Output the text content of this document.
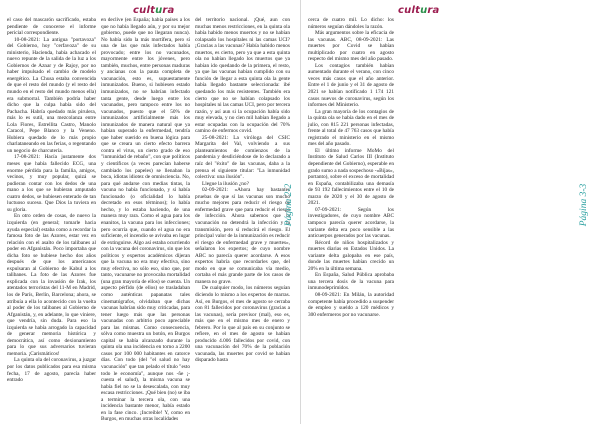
cultura

el caso del mascarón sacrificado, estaba pendiente de conocerse el informe pericial correspondiente.

10-08-2021: La antigua "portavoza" del Gobierno, hoy "cerfavoza" de su ministerio, Hacienda, había achacado el nuevo repunte de la salida de la luz a los Gobiernos de Aznar y de Rajoy, por no haber impulsado el cambio de modelo energético. La Chusa estaba convencida de que el resto del mundo (y el resto del mundo en el resto del mundo menos ella) era submorral. También podría haber dicho que la culpa había sido del Pachacha. Habría quedado más pirulera, más lo es sutil, una mezcolanza entre Lola Flores, Estrellita Castro, Manolo Caracol, Pepe Blanco y la Veneno. Hubiera quedado de lo más propio charlataneando en las ferias, o regentando un negocio de charcutería.

17-08-2021: Hacía justamente dos meses que había fallecido ECG, una enorme pérdida para la familia, amigos, vecinos, y muy popular, quizá se pudieran contar con los dedos de una mano a los que se hubieran amputado cuatro dedos, se hubiesen enterado de tan luctuoso suceso. Que Dios la tuviera en su gloria.

En otro orden de cosas, de nuevo la izquierda (en general; tomarle hacia ayuda especial) estaba como a recordar la famosa foto de las Azores, estar vez en relación con el asalto de los talibanes al poder en Afganistán. Poco importaba que dicha foto se hubiese hecho dos años después de que los americanos expulsaran al Gobierno de Kabul a los talibanes. La foto de las Azores fue explicada con la invasión de Irak, los atentados terroristas del 11-M en Madrid, los de París, Berlín, Barcelona; ahora, se atribuía a ella lo acontecido con la vuelta al poder de los talibanes al Gobierno de Afganistán, y, en adelante, lo que viniere, que vendría, sin duda. Para eso la izquierda se había arrogado la capacidad de generar memoria histórica y democrática, así como dexionamiento para lo que sus adversarios tuvieran memoria. ¡Carismáticos!

La quinta ola del coronavirus, a juzgar por los datos publicados para esa misma fecha, 17 de agosto, parecía haber entrado

en declive (en España; había países a los que no había llegado aún, y por su mejor gobierno, puede que no llegaran nunca). No había sido la más mortífera, pero sí una de las que más infectados había provocado; entre los no vacunados, mayormente entre los jóvenes, pero también, muchos, entre personas maduras y ancianas con la pauta completa de vacunación, esto es, supuestamente inmunizados. Bueno, si hubiesen estado inmunizados, no se habrían infectado tanta gente, desde luego entre los vacunados, pero tampoco entre los no vacunados, puesto que el 50% de inmunizados artificialmente más los inmunizados de manera natural que ya habían superado la enfermedad, tendría que haber suerido en buena lógica para que se creara un cierto efecto barrera contra el virus, un cierto grado de eso "inmunidad de rebaño", con que políticos y científicos (a veces parecían haberse cambiado los papeles) se llenaban la boca, idiotas idiotez de omnisciencia. No, para qué andarse con medias tintas, la vacuna no había funcionado, y sí había funcionado (o oficialidad lo había decretado en esos términos); lo había hecho, y lo estaba haciendo, de una manera muy rara. Como el agua para los enanitos, la vacuna para los infecciones; pero ocurría que, cuando el agua no era suficiente, el incendio se avivaba en lugar de extinguirse. Algo así estaba ocurriendo con la vacuna del coronavirus, sin que los políticos y expertos académicos dijeran que la vacuna no era muy efectiva, sino muy efectiva, no sólo eso, sino que, por tanto, vacunarse no provocaba mortalidad (una gran mayoría de ellos) se cuenta. Un aspecto pérfido (de ellos) se trasladaban como auténticas papanatas tales cinematógrafos, olvidaban que dichas vacunas habrían sido muy criticadas, para tener luego más que las personas vacunadas con arbitrio poco apreciable para las mismas. Como consecuencia, sólva como muestra un botón, en Burgos capital se había alcanzado durante la quinta ola una incidencia en torno a 2200 casos por 100 000 habitantes en catorce días. Con todo (del "el salud no hay vacunación" que tan pelado el título "esto todo le economía", aunque nos -ñe ¡- cuesta el salud), la misma vacuna se había fiel no se la desescalada, con muy escasa restricciones. ¡Qué bien (no) se iba a terminar la tercera ola, con una incidencia bastante menor, había estado en la fase cinco. ¡Increíble! Y, como en Burgos, en muchas otras localidades

del territorio nacional. ¡Qué, aun con muchas menos restricciones, en la quinta ola había habido menos muertos y no se habían colapsado los hospitales ni las camas UCI? ¡Gracias a las vacunas? Había habido menos muertos, es cierto, pero ya que a esta quinta ola no habían llegado los muertos que ya habían ido quedando de la primera, el resto, ya que las vacunas habían cumplido con su función de llegar a esta quinta ola la gente había llegado bastante seleccionada: ibé quedando los más resistentes. También era cierto que no se habían colapsado los hospitales ni las camas UCI, pero por tercera razón, y así aun si la ocupación había sido muy elevada, y no cien mil habían llegado a estar ocupadas con la ocupación del 70% camino de enfermos covid.

25-08-2021: La viróloga del CSIC Margarita del Val, volviendo a sus planteamientos de comienzos de la pandemia y desdiciéndose de lo declarado a raíz del "éxito" de las vacunas, daba a la prensa el siguiente titular: "La inmunidad colectiva: una ilusión".

Llegue la ilusión ¿no?

02-09-2021: «Ahora hay bastantes pruebas de que sí las vacunas son mucho mucho mejores para reducir el riesgo de enfermedad grave que para reducir el riesgo de infección. Ahora sabemos que la vacunación no detendrá la infección y la transmisión, pero sí reducirá el riesgo. El principal valor de la inmunización es reducir el riesgo de enfermedad grave y muertes», señalaron los expertos; de cuyo nombre ABC no parecía querer acordarse. A esos expertos habría que recordarles que, del modo en que se comunicaba vía medio, cortaba el más grande parte de los casos de manera no grave.

De cualquier modo, los números seguían diciendo lo mismo a los expertos de marras. Así, en Burgos, el mes de agosto se cerraba con 81 fallecidos por coronavirus (gracias a las vacunas), sería previsor (mal), eso es, más que en el mismo mes de enero y febrero. Por lo que al país en su conjunto se refiere, en el mes de agosto se habían producido 4.006 fallecidos por covid, con una vacunación del 70% de la población vacunada, las muertes por covid se habían disparado hasta

Página 2-2
cultura

cerca de cuatro mil. Lo dicho: los números seguían dándoles la razón.

Más argumentos sobre la eficacia de las vacunas. ABC, 08-09-2021: Las muertes por Covid se habían multiplicado por cuatro en agosto respecto del mismo mes del año pasado.

Los contagios también habían aumentado durante el verano, con cinco veces más casos que el año anterior. Entre el 1 de junio y el 31 de agosto de 2021 se habían notificado 1 174 121 casos nuevos de coronavirus, según los informes del Ministerio.

La gran mayoría de los contagios de la quinta ola se había dado en el mes de julio, con 815 221 personas infectadas, frente al total de 47 763 casos que había registrado el ministerio en el mismo mes del año pasado.

El último informe MoMo del Instituto de Salud Carlos III (Instituto dependiente del Gobierno), esperable en grado sumo a nada sospechoso -«Bijas», portanto), sobre el exceso de mortalidad en España, contabilizaba una demasía de 93 192 fallecimientos entre el 10 de marzo de 2020 y el 30 de agosto de 2021.

07-09-2021: Según los investigadores, de cuyo nombre ABC tampoco parecía querer acordarse, la variante delta era poco sensible a las anticuerpos generados por las vacunas.

Récord de niños hospitalizados y muertes diarias en Estados Unidos. La variante delta galopaba en ese país, donde las muertes habían crecido un 20% en la última semana.

En España, Salud Pública aprobaba una tercera dosis de la vacuna para inmunodeprimidos.

08-09-2021: En Milán, la autoridad competente había procedido a suspender de empleo y sueldo a 120 médicos y 300 enfermeros por no vacunarse.

Página 3-3
